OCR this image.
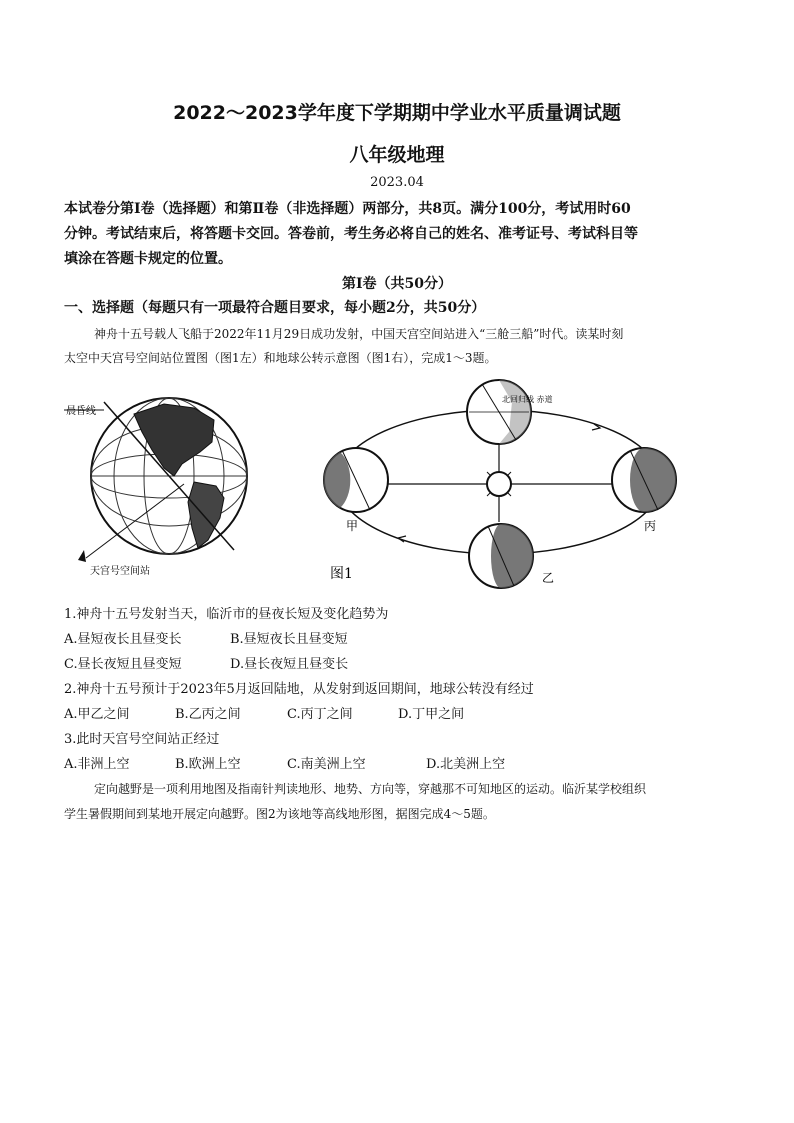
2022～2023学年度下学期期中学业水平质量调试题
八年级地理
2023.04
本试卷分第Ⅰ卷（选择题）和第Ⅱ卷（非选择题）两部分，共8页。满分100分，考试用时60
分钟。考试结束后，将答题卡交回。答卷前，考生务必将自己的姓名、准考证号、考试科目等
填涂在答题卡规定的位置。
第Ⅰ卷（共50分）
一、选择题（每题只有一项最符合题目要求，每小题2分，共50分）
神舟十五号载人飞船于2022年11月29日成功发射，中国天宫空间站进入“三舱三船”时代。读某时刻
太空中天宫号空间站位置图（图1左）和地球公转示意图（图1右），完成1～3题。
晨昏线
天宫号空间站
北回归线 赤道
甲
乙
丙
图1
1.神舟十五号发射当天，临沂市的昼夜长短及变化趋势为
A.昼短夜长且昼变长	B.昼短夜长且昼变短
C.昼长夜短且昼变短	D.昼长夜短且昼变长
2.神舟十五号预计于2023年5月返回陆地，从发射到返回期间，地球公转没有经过
A.甲乙之间	B.乙丙之间	C.丙丁之间	D.丁甲之间
3.此时天宫号空间站正经过
A.非洲上空	B.欧洲上空	C.南美洲上空	D.北美洲上空
定向越野是一项利用地图及指南针判读地形、地势、方向等，穿越那不可知地区的运动。临沂某学校组织
学生暑假期间到某地开展定向越野。图2为该地等高线地形图，据图完成4～5题。
